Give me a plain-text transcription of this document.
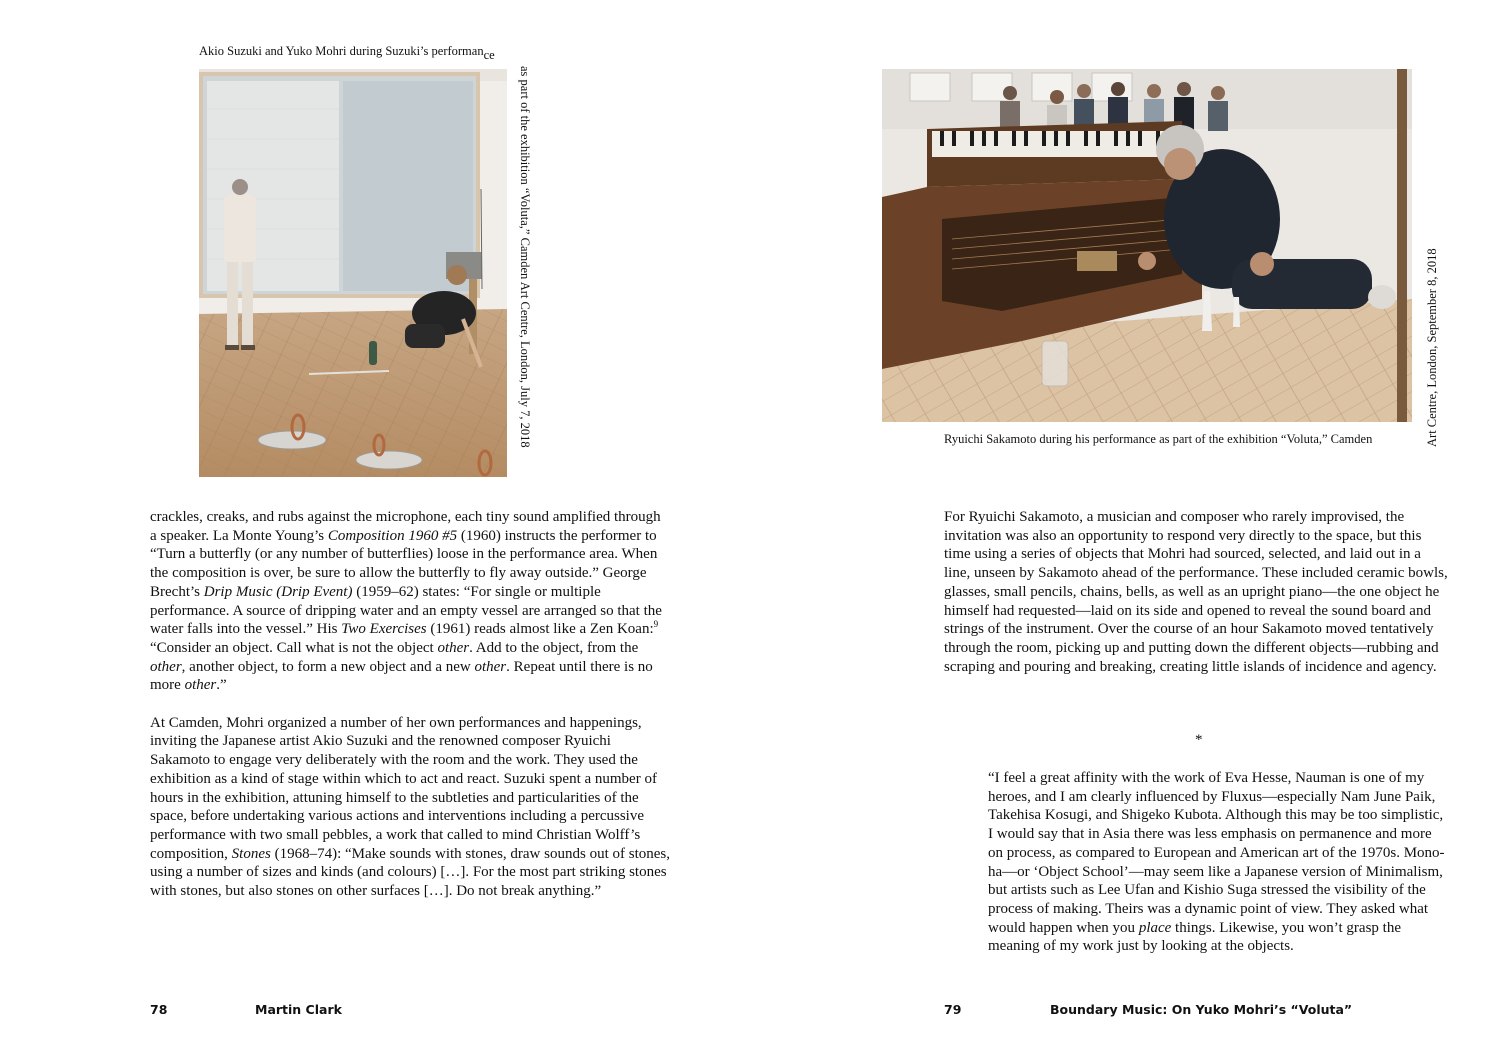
Akio Suzuki and Yuko Mohri during Suzuki’s performance
as part of the exhibition “Voluta,” Camden Art Centre, London, July 7, 2018

crackles, creaks, and rubs against the microphone, each tiny sound amplified through a speaker. La Monte Young’s Composition 1960 #5 (1960) instructs the performer to “Turn a butterfly (or any number of butterflies) loose in the performance area. When the composition is over, be sure to allow the butterfly to fly away outside.” George Brecht’s Drip Music (Drip Event) (1959–62) states: “For single or multiple performance. A source of dripping water and an empty vessel are arranged so that the water falls into the vessel.” His Two Exercises (1961) reads almost like a Zen Koan:$^9$ “Consider an object. Call what is not the object other. Add to the object, from the other, another object, to form a new object and a new other. Repeat until there is no more other.”

At Camden, Mohri organized a number of her own performances and happenings, inviting the Japanese artist Akio Suzuki and the renowned composer Ryuichi Sakamoto to engage very deliberately with the room and the work. They used the exhibition as a kind of stage within which to act and react. Suzuki spent a number of hours in the exhibition, attuning himself to the subtleties and particularities of the space, before undertaking various actions and interventions including a percussive performance with two small pebbles, a work that called to mind Christian Wolff’s composition, Stones (1968–74): “Make sounds with stones, draw sounds out of stones, using a number of sizes and kinds (and colours) […]. For the most part striking stones with stones, but also stones on other surfaces […]. Do not break anything.”

78	Martin Clark
Ryuichi Sakamoto during his performance as part of the exhibition “Voluta,” Camden	Art Centre, London, September 8, 2018

For Ryuichi Sakamoto, a musician and composer who rarely improvised, the invitation was also an opportunity to respond very directly to the space, but this time using a series of objects that Mohri had sourced, selected, and laid out in a line, unseen by Sakamoto ahead of the performance. These included ceramic bowls, glasses, small pencils, chains, bells, as well as an upright piano—the one object he himself had requested—laid on its side and opened to reveal the sound board and strings of the instrument. Over the course of an hour Sakamoto moved tentatively through the room, picking up and putting down the different objects—rubbing and scraping and pouring and breaking, creating little islands of incidence and agency.

*

“I feel a great affinity with the work of Eva Hesse, Nauman is one of my heroes, and I am clearly influenced by Fluxus—especially Nam June Paik, Takehisa Kosugi, and Shigeko Kubota. Although this may be too simplistic, I would say that in Asia there was less emphasis on permanence and more on process, as compared to European and American art of the 1970s. Mono-ha—or ‘Object School’—may seem like a Japanese version of Minimalism, but artists such as Lee Ufan and Kishio Suga stressed the visibility of the process of making. Theirs was a dynamic point of view. They asked what would happen when you place things. Likewise, you won’t grasp the meaning of my work just by looking at the objects.

79	Boundary Music: On Yuko Mohri’s “Voluta”
